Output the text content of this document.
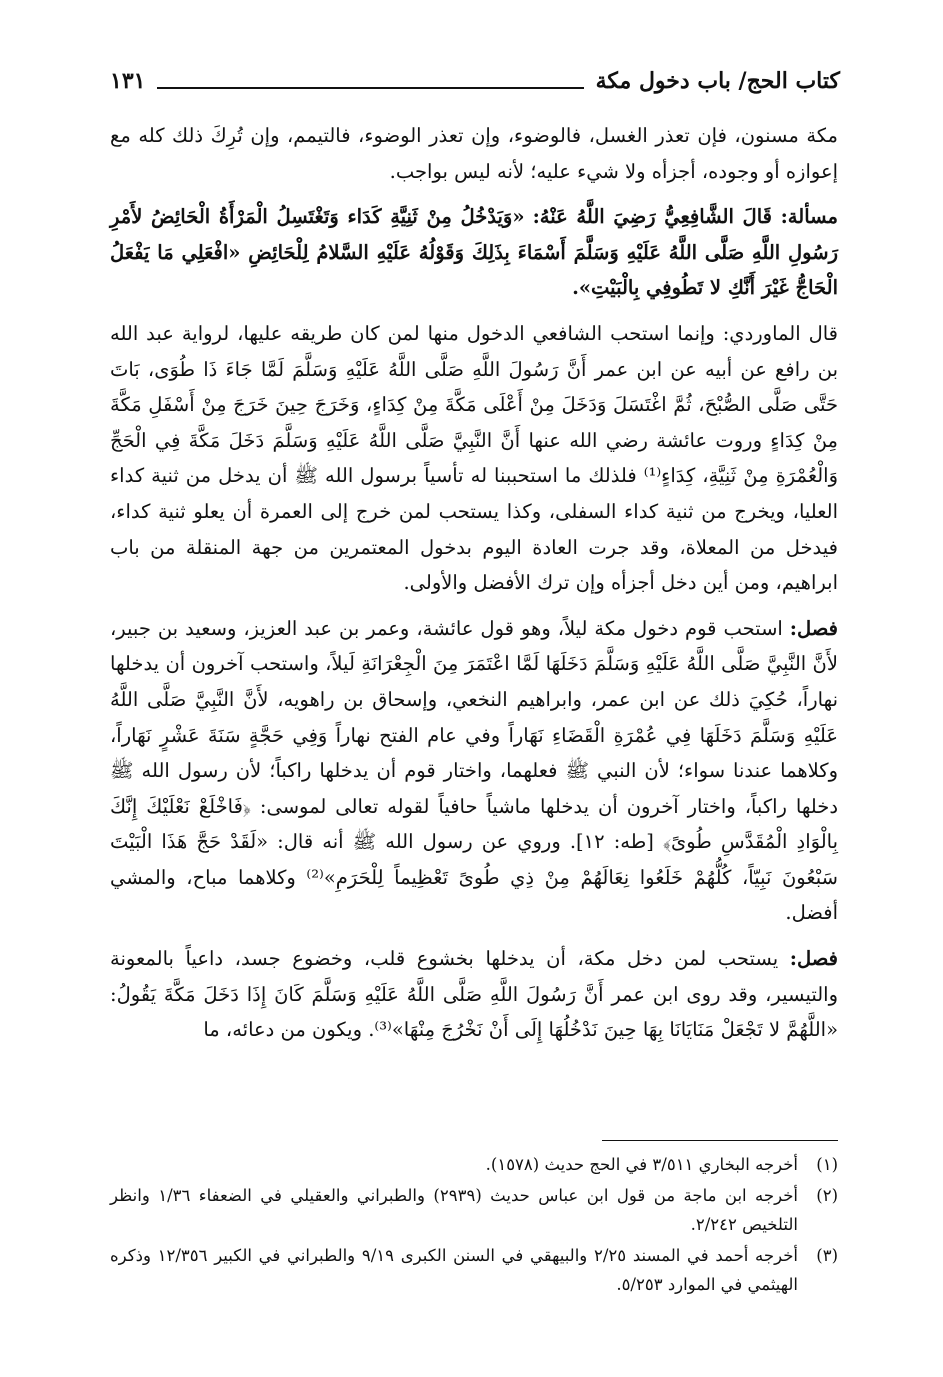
كتاب الحج/ باب دخول مكة
١٣١

مكة مسنون، فإن تعذر الغسل، فالوضوء، وإن تعذر الوضوء، فالتيمم، وإن تُرِكَ ذلك كله مع إعوازه أو وجوده، أجزأه ولا شيء عليه؛ لأنه ليس بواجب.

مسألة: قَالَ الشَّافِعِيُّ رَضِيَ اللَّهُ عَنْهُ: «وَيَدْخُلُ مِنْ ثَنِيَّةِ كَدَاء وَتَغْتَسِلُ الْمَرْأَةُ الْحَائِضُ لأَمْرِ رَسُولِ اللَّهِ صَلَّى اللَّهُ عَلَيْهِ وَسَلَّمَ أَسْمَاءَ بِذَلِكَ وَقَوْلُهُ عَلَيْهِ السَّلامُ لِلْحَائِضِ «افْعَلِي مَا يَفْعَلُ الْحَاجُّ غَيْرَ أَنَّكِ لا تَطُوفِي بِالْبَيْتِ».

قال الماوردي: وإنما استحب الشافعي الدخول منها لمن كان طريقه عليها، لرواية عبد الله بن رافع عن أبيه عن ابن عمر أَنَّ رَسُولَ اللَّهِ صَلَّى اللَّهُ عَلَيْهِ وَسَلَّمَ لَمَّا جَاءَ ذَا طُوَى، بَاتَ حَتَّى صَلَّى الصُّبْحَ، ثُمَّ اغْتَسَلَ وَدَخَلَ مِنْ أَعْلَى مَكَّةَ مِنْ كِدَاءٍ، وَخَرَجَ حِينَ خَرَجَ مِنْ أَسْفَلِ مَكَّةَ مِنْ كِدَاءٍ وروت عائشة رضي الله عنها أَنَّ النَّبِيَّ صَلَّى اللَّهُ عَلَيْهِ وَسَلَّمَ دَخَلَ مَكَّةَ فِي الْحَجِّ وَالْعُمْرَةِ مِنْ ثَنِيَّةِ، كِدَاءٍ⁽¹⁾ فلذلك ما استحببنا له تأسياً برسول الله ﷺ أن يدخل من ثنية كداء العليا، ويخرج من ثنية كداء السفلى، وكذا يستحب لمن خرج إلى العمرة أن يعلو ثنية كداء، فيدخل من المعلاة، وقد جرت العادة اليوم بدخول المعتمرين من جهة المنقلة من باب ابراهيم، ومن أين دخل أجزأه وإن ترك الأفضل والأولى.

فصل: استحب قوم دخول مكة ليلاً، وهو قول عائشة، وعمر بن عبد العزيز، وسعيد بن جبير، لأَنَّ النَّبِيَّ صَلَّى اللَّهُ عَلَيْهِ وَسَلَّمَ دَخَلَهَا لَمَّا اعْتَمَرَ مِنَ الْجِعْرَانَةِ لَيلاً، واستحب آخرون أن يدخلها نهاراً، حُكِيَ ذلك عن ابن عمر، وابراهيم النخعي، وإسحاق بن راهويه، لأَنَّ النَّبِيَّ صَلَّى اللَّهُ عَلَيْهِ وَسَلَّمَ دَخَلَهَا فِي عُمْرَةِ الْقَضَاءِ نَهَاراً وفي عام الفتح نهاراً وَفِي حَجَّةٍ سَنَةَ عَشْرٍ نَهَاراً، وكلاهما عندنا سواء؛ لأن النبي ﷺ فعلهما، واختار قوم أن يدخلها راكباً؛ لأن رسول الله ﷺ دخلها راكباً، واختار آخرون أن يدخلها ماشياً حافياً لقوله تعالى لموسى: ﴿فَاخْلَعْ نَعْلَيْكَ إِنَّكَ بِالْوَادِ الْمُقَدَّسِ طُوىً﴾ [طه: ١٢]. وروي عن رسول الله ﷺ أنه قال: «لَقَدْ حَجَّ هَذَا الْبَيْتَ سَبْعُونَ نَبِيّاً، كُلُّهُمْ خَلَعُوا نِعَالَهُمْ مِنْ ذِي طُوىً تَعْظِيماً لِلْحَرَمِ»⁽²⁾ وكلاهما مباح، والمشي أفضل.

فصل: يستحب لمن دخل مكة، أن يدخلها بخشوع قلب، وخضوع جسد، داعياً بالمعونة والتيسير، وقد روى ابن عمر أَنَّ رَسُولَ اللَّهِ صَلَّى اللَّهُ عَلَيْهِ وَسَلَّمَ كَانَ إِذَا دَخَلَ مَكَّةَ يَقُولُ: «اللَّهُمَّ لا تَجْعَلْ مَنَايَانَا بِهَا حِينَ نَدْخُلُهَا إِلَى أَنْ نَخْرُجَ مِنْهَا»⁽³⁾. ويكون من دعائه، ما

(١)
أخرجه البخاري ٣/٥١١ في الحج حديث (١٥٧٨).
(٢)
أخرجه ابن ماجة من قول ابن عباس حديث (٢٩٣٩) والطبراني والعقيلي في الضعفاء ١/٣٦ وانظر التلخيص ٢/٢٤٢.
(٣)
أخرجه أحمد في المسند ٢/٢٥ والبيهقي في السنن الكبرى ٩/١٩ والطبراني في الكبير ١٢/٣٥٦ وذكره الهيثمي في الموارد ٥/٢٥٣.
